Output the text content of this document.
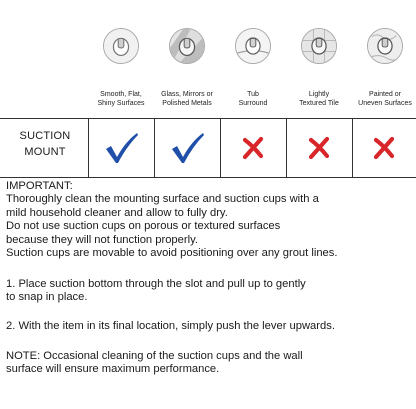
Smooth, Flat,
Shiny Surfaces
Glass, Mirrors or
Polished Metals
Tub
Surround
Lightly
Textured Tile
Painted or
Uneven Surfaces
SUCTION
MOUNT
IMPORTANT:
Thoroughly clean the mounting surface and suction cups with a
mild household cleaner and allow to fully dry.
Do not use suction cups on porous or textured surfaces
because they will not function properly.
Suction cups are movable to avoid positioning over any grout lines.
1. Place suction bottom through the slot and pull up to gently
to snap in place.
2. With the item in its final location, simply push the lever upwards.
NOTE: Occasional cleaning of the suction cups and the wall
surface will ensure maximum performance.
